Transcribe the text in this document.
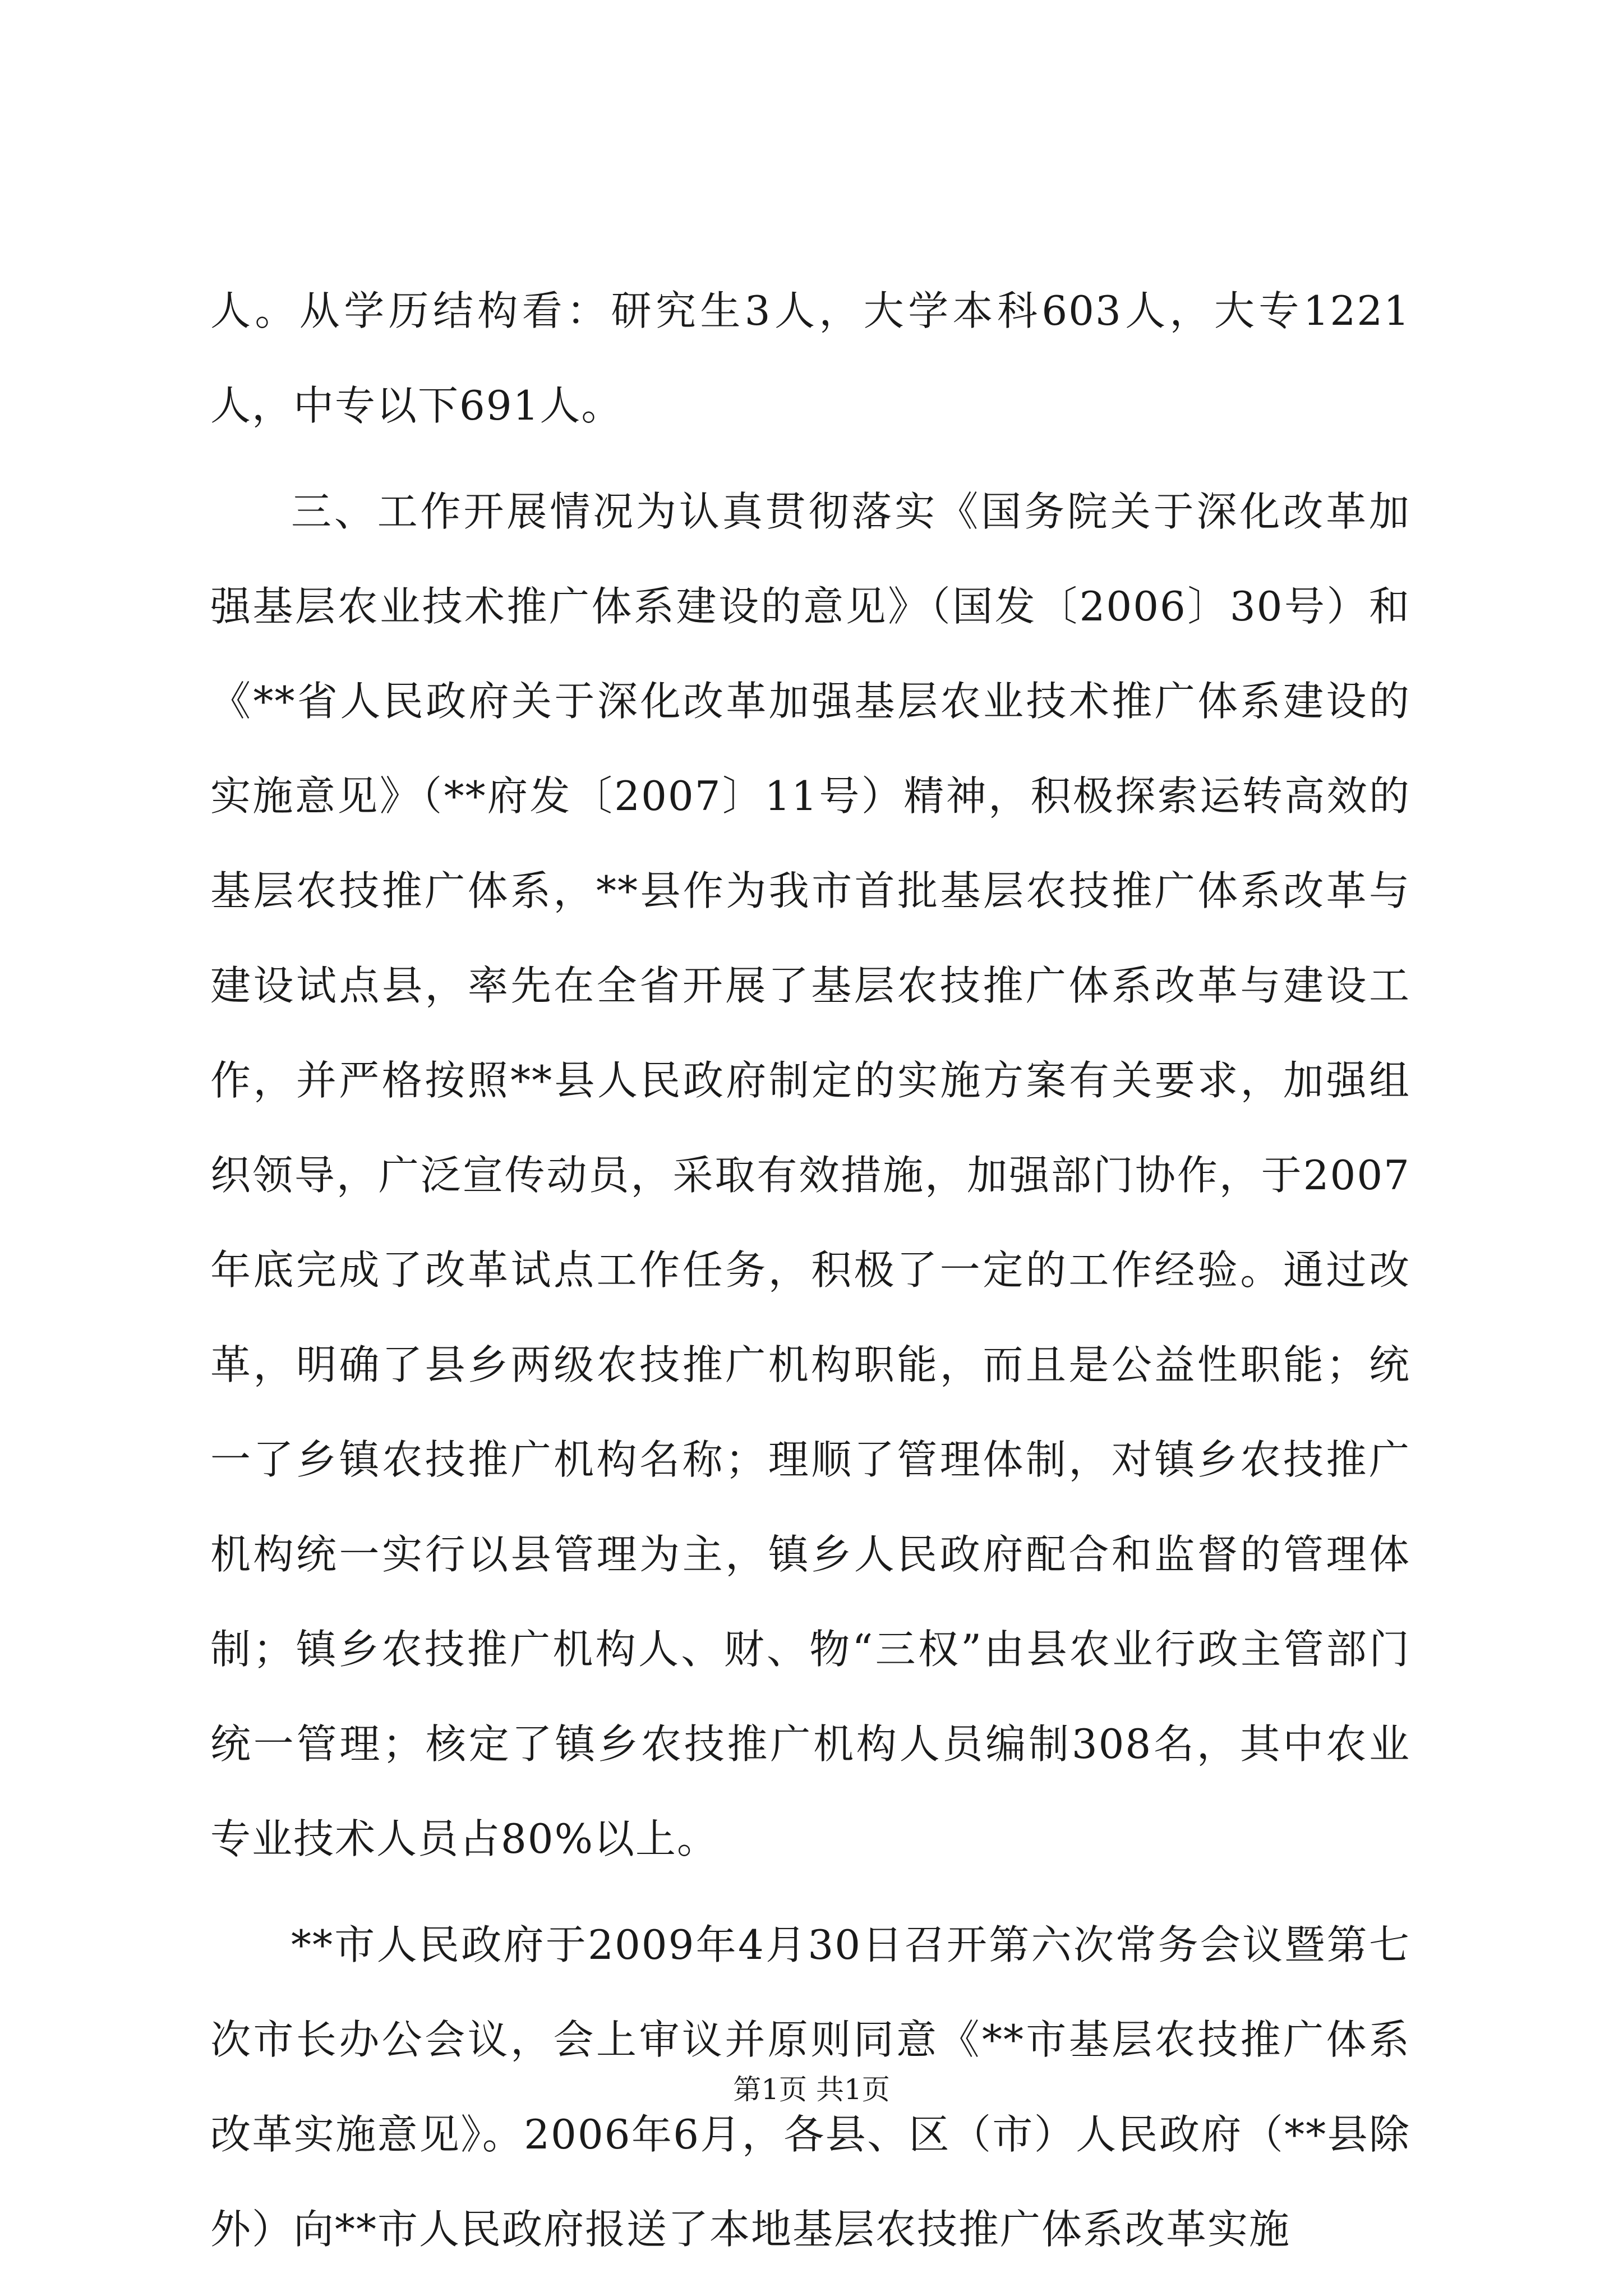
人。从学历结构看：研究生3人，大学本科603人，大专1221人，中专以下691人。

三、工作开展情况为认真贯彻落实《国务院关于深化改革加强基层农业技术推广体系建设的意见》（国发〔2006〕30号）和《**省人民政府关于深化改革加强基层农业技术推广体系建设的实施意见》（**府发〔2007〕11号）精神，积极探索运转高效的基层农技推广体系，**县作为我市首批基层农技推广体系改革与建设试点县，率先在全省开展了基层农技推广体系改革与建设工作，并严格按照**县人民政府制定的实施方案有关要求，加强组织领导，广泛宣传动员，采取有效措施，加强部门协作，于2007年底完成了改革试点工作任务，积极了一定的工作经验。通过改革，明确了县乡两级农技推广机构职能，而且是公益性职能；统一了乡镇农技推广机构名称；理顺了管理体制，对镇乡农技推广机构统一实行以县管理为主，镇乡人民政府配合和监督的管理体制；镇乡农技推广机构人、财、物“三权”由县农业行政主管部门统一管理；核定了镇乡农技推广机构人员编制308名，其中农业专业技术人员占80%以上。

**市人民政府于2009年4月30日召开第六次常务会议暨第七次市长办公会议，会上审议并原则同意《**市基层农技推广体系改革实施意见》。2006年6月，各县、区（市）人民政府（**县除外）向**市人民政府报送了本地基层农技推广体系改革实施

第1页 共1页
